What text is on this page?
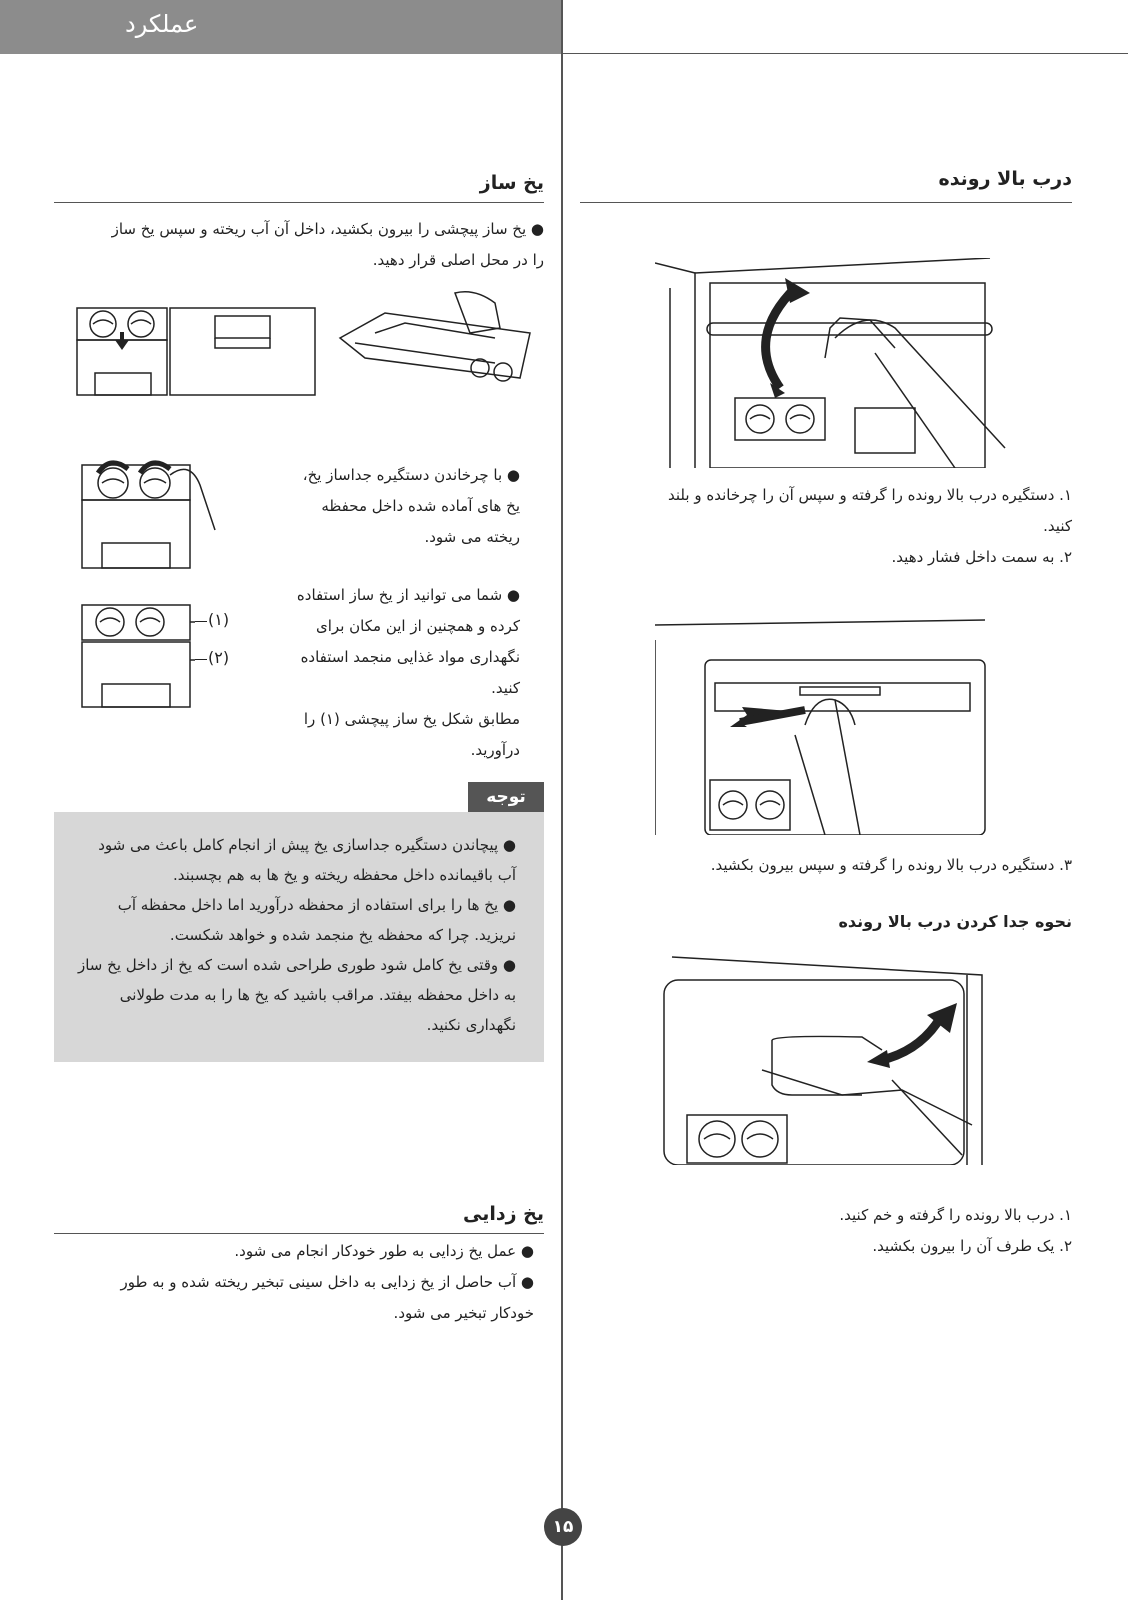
عملکرد
درب بالا رونده

۱. دستگیره درب بالا رونده را گرفته و سپس آن را چرخانده و بلند

کنید.

۲. به سمت داخل فشار دهید.

۳. دستگیره درب بالا رونده را گرفته و سپس بیرون بکشید.
نحوه جدا کردن درب بالا رونده

۱. درب بالا رونده را گرفته و خم کنید.

۲. یک طرف آن را بیرون بکشید.

یخ ساز

● یخ ساز پیچشی را بیرون بکشید، داخل آن آب ریخته و سپس یخ ساز

را در محل اصلی قرار دهید.

● با چرخاندن دستگیره جداساز یخ،

یخ های آماده شده داخل محفظه

ریخته می شود.

(۱)
(۲)

● شما می توانید از یخ ساز استفاده

کرده و همچنین از این مکان برای

نگهداری مواد غذایی منجمد استفاده

کنید.

مطابق شکل یخ ساز پیچشی (۱) را

درآورید.

توجه

● پیچاندن دستگیره جداسازی یخ پیش از انجام کامل باعث می شود

آب باقیمانده داخل محفظه ریخته و یخ ها به هم بچسبند.

● یخ ها را برای استفاده از محفظه درآورید اما داخل محفظه آب

نریزید. چرا که محفظه یخ منجمد شده و خواهد شکست.

● وقتی یخ کامل شود طوری طراحی شده است که یخ از داخل یخ ساز

به داخل محفظه بیفتد. مراقب باشید که یخ ها را به مدت طولانی

نگهداری نکنید.

یخ زدایی

● عمل یخ زدایی به طور خودکار انجام می شود.

● آب حاصل از یخ زدایی به داخل سینی تبخیر ریخته شده و به طور

خودکار تبخیر می شود.

۱۵
